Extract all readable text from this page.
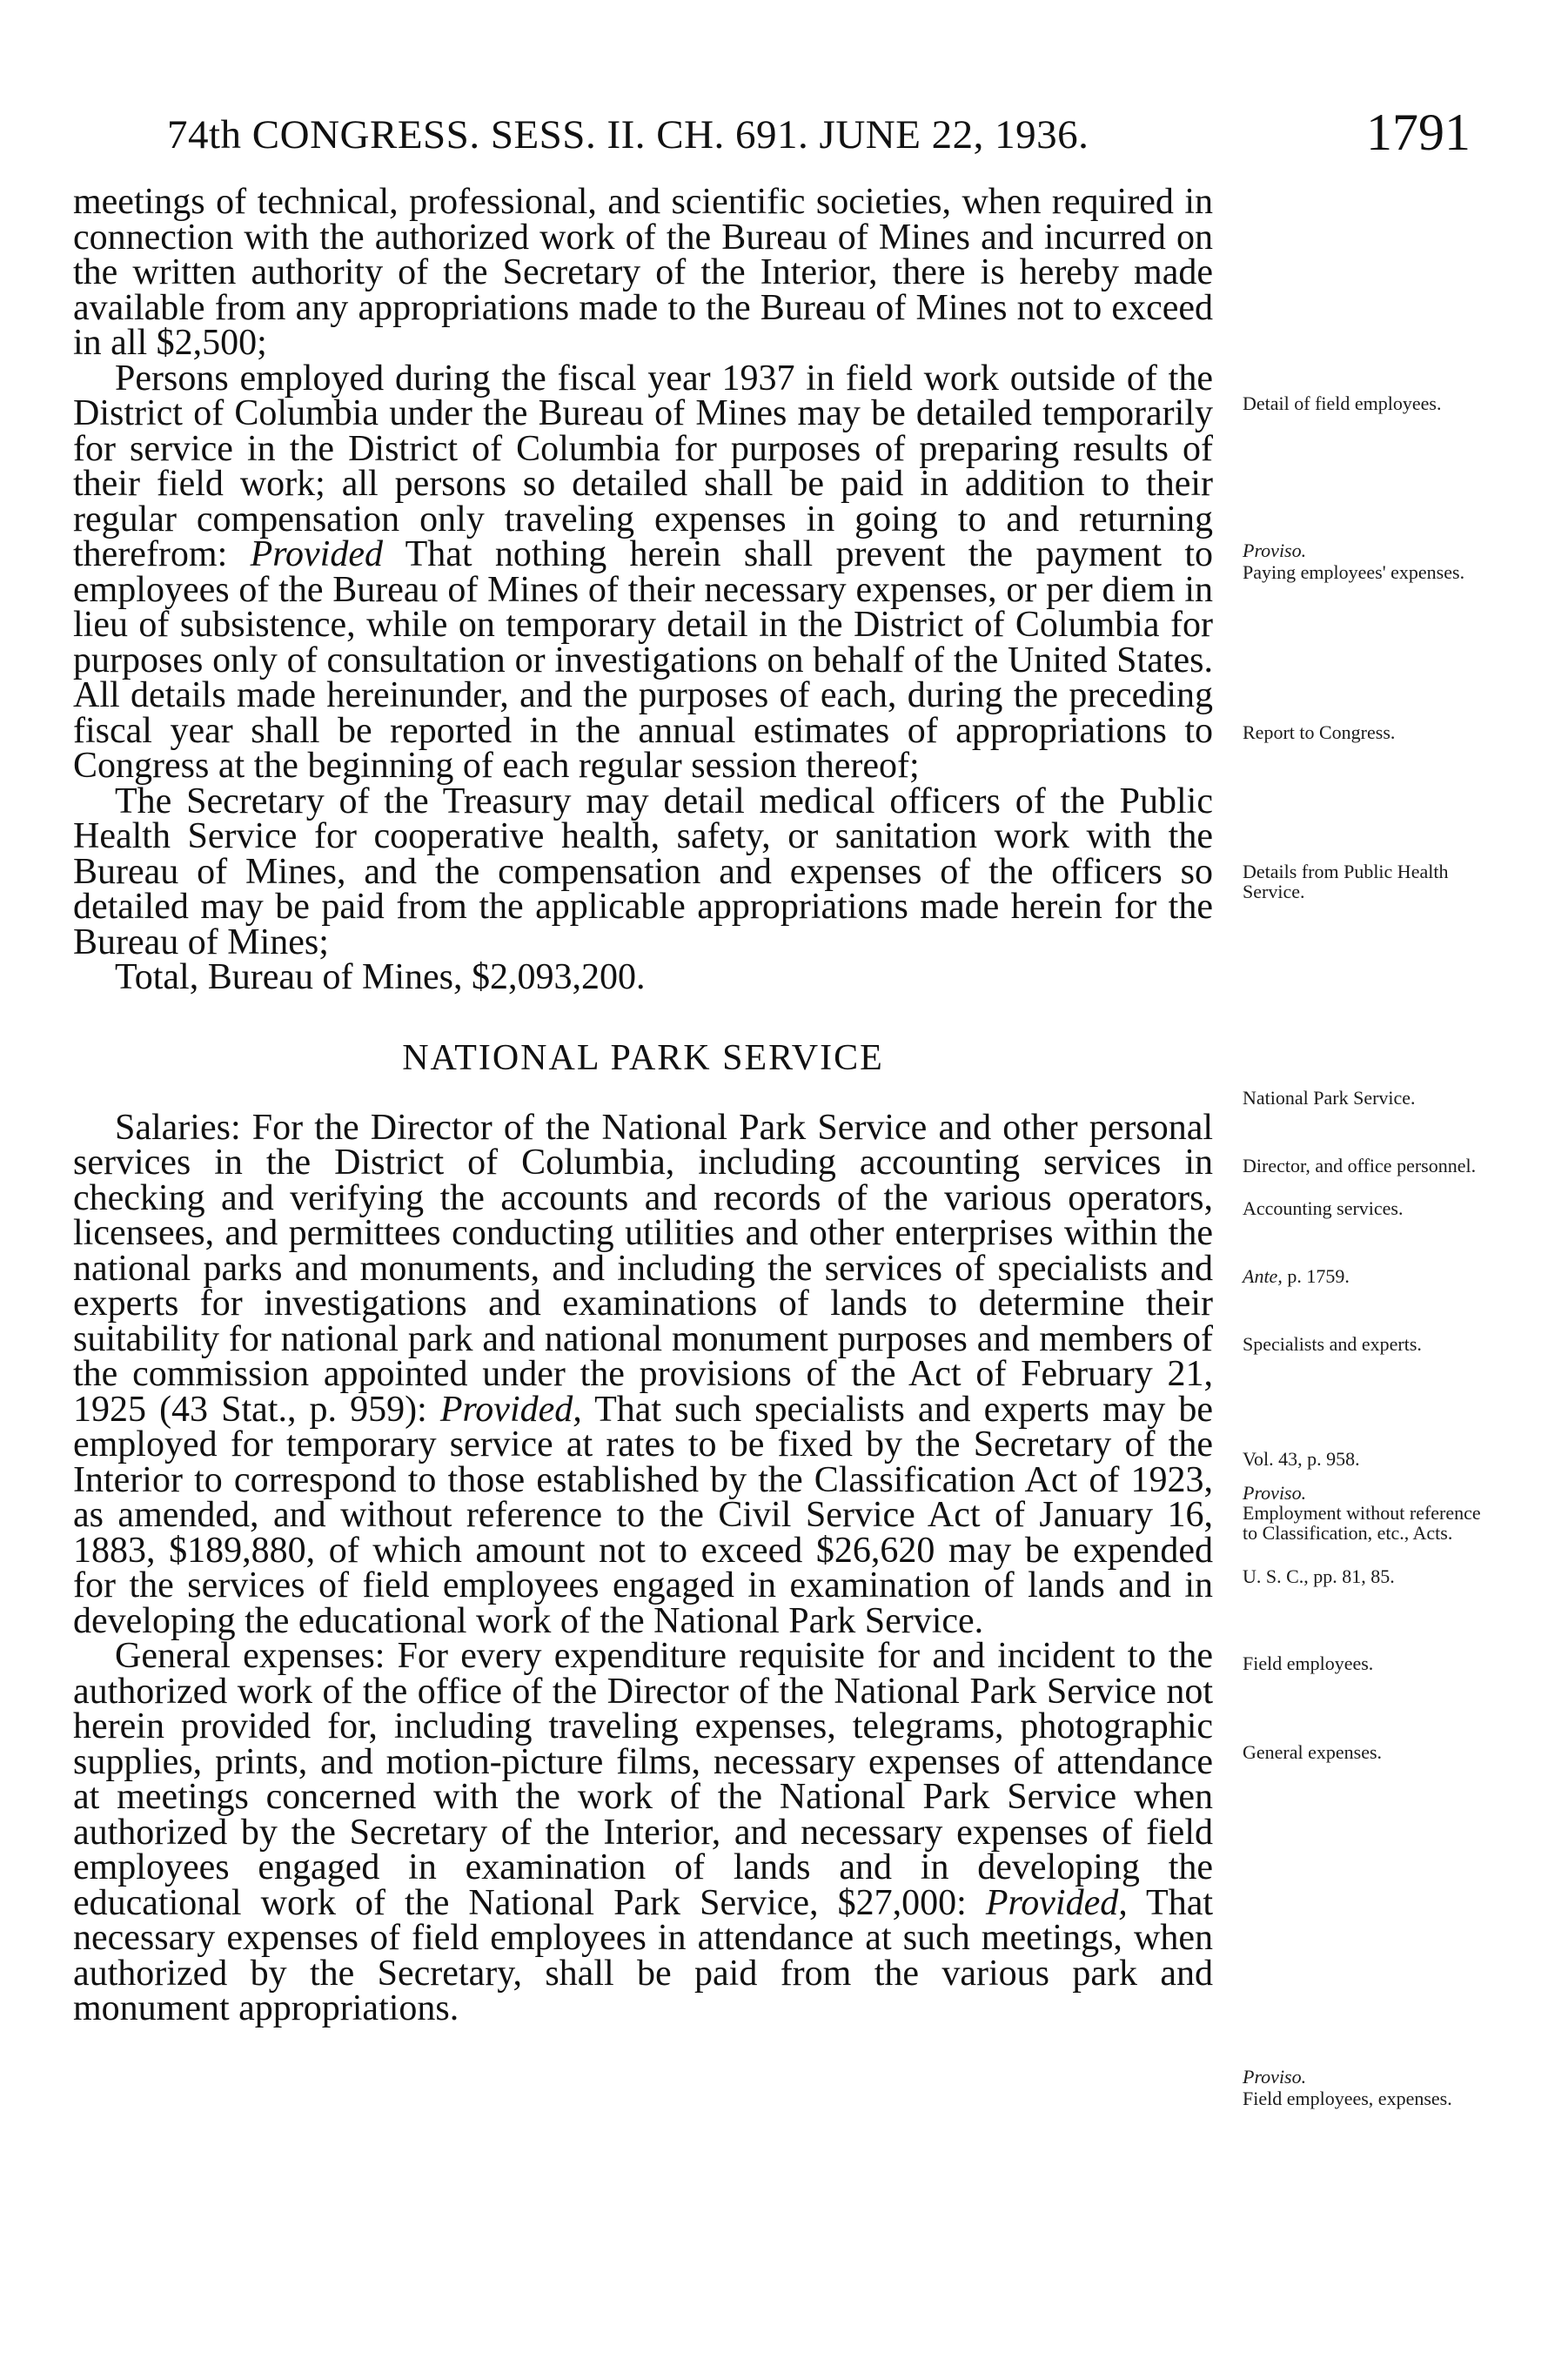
74th CONGRESS. SESS. II. CH. 691. JUNE 22, 1936.	1791

meetings of technical, professional, and scientific societies, when required in connection with the authorized work of the Bureau of Mines and incurred on the written authority of the Secretary of the Interior, there is hereby made available from any appropriations made to the Bureau of Mines not to exceed in all $2,500;

Persons employed during the fiscal year 1937 in field work outside of the District of Columbia under the Bureau of Mines may be detailed temporarily for service in the District of Columbia for purposes of preparing results of their field work; all persons so detailed shall be paid in addition to their regular compensation only traveling expenses in going to and returning therefrom: Provided That nothing herein shall prevent the payment to employees of the Bureau of Mines of their necessary expenses, or per diem in lieu of subsistence, while on temporary detail in the District of Columbia for purposes only of consultation or investigations on behalf of the United States. All details made hereinunder, and the purposes of each, during the preceding fiscal year shall be reported in the annual estimates of appropriations to Congress at the beginning of each regular session thereof;

The Secretary of the Treasury may detail medical officers of the Public Health Service for cooperative health, safety, or sanitation work with the Bureau of Mines, and the compensation and expenses of the officers so detailed may be paid from the applicable appropriations made herein for the Bureau of Mines;

Total, Bureau of Mines, $2,093,200.

NATIONAL PARK SERVICE

Salaries: For the Director of the National Park Service and other personal services in the District of Columbia, including accounting services in checking and verifying the accounts and records of the various operators, licensees, and permittees conducting utilities and other enterprises within the national parks and monuments, and including the services of specialists and experts for investigations and examinations of lands to determine their suitability for national park and national monument purposes and members of the commission appointed under the provisions of the Act of February 21, 1925 (43 Stat., p. 959): Provided, That such specialists and experts may be employed for temporary service at rates to be fixed by the Secretary of the Interior to correspond to those established by the Classification Act of 1923, as amended, and without reference to the Civil Service Act of January 16, 1883, $189,880, of which amount not to exceed $26,620 may be expended for the services of field employees engaged in examination of lands and in developing the educational work of the National Park Service.

General expenses: For every expenditure requisite for and incident to the authorized work of the office of the Director of the National Park Service not herein provided for, including traveling expenses, telegrams, photographic supplies, prints, and motion-picture films, necessary expenses of attendance at meetings concerned with the work of the National Park Service when authorized by the Secretary of the Interior, and necessary expenses of field employees engaged in examination of lands and in developing the educational work of the National Park Service, $27,000: Provided, That necessary expenses of field employees in attendance at such meetings, when authorized by the Secretary, shall be paid from the various park and monument appropriations.

Detail of field employees.
Proviso.
Paying employees' expenses.
Report to Congress.
Details from Public Health Service.
National Park Service.
Director, and office personnel.
Accounting services.
Ante, p. 1759.
Specialists and experts.
Vol. 43, p. 958.
Proviso.
Employment without reference to Classification, etc., Acts.
U. S. C., pp. 81, 85.
Field employees.
General expenses.
Proviso.
Field employees, expenses.
